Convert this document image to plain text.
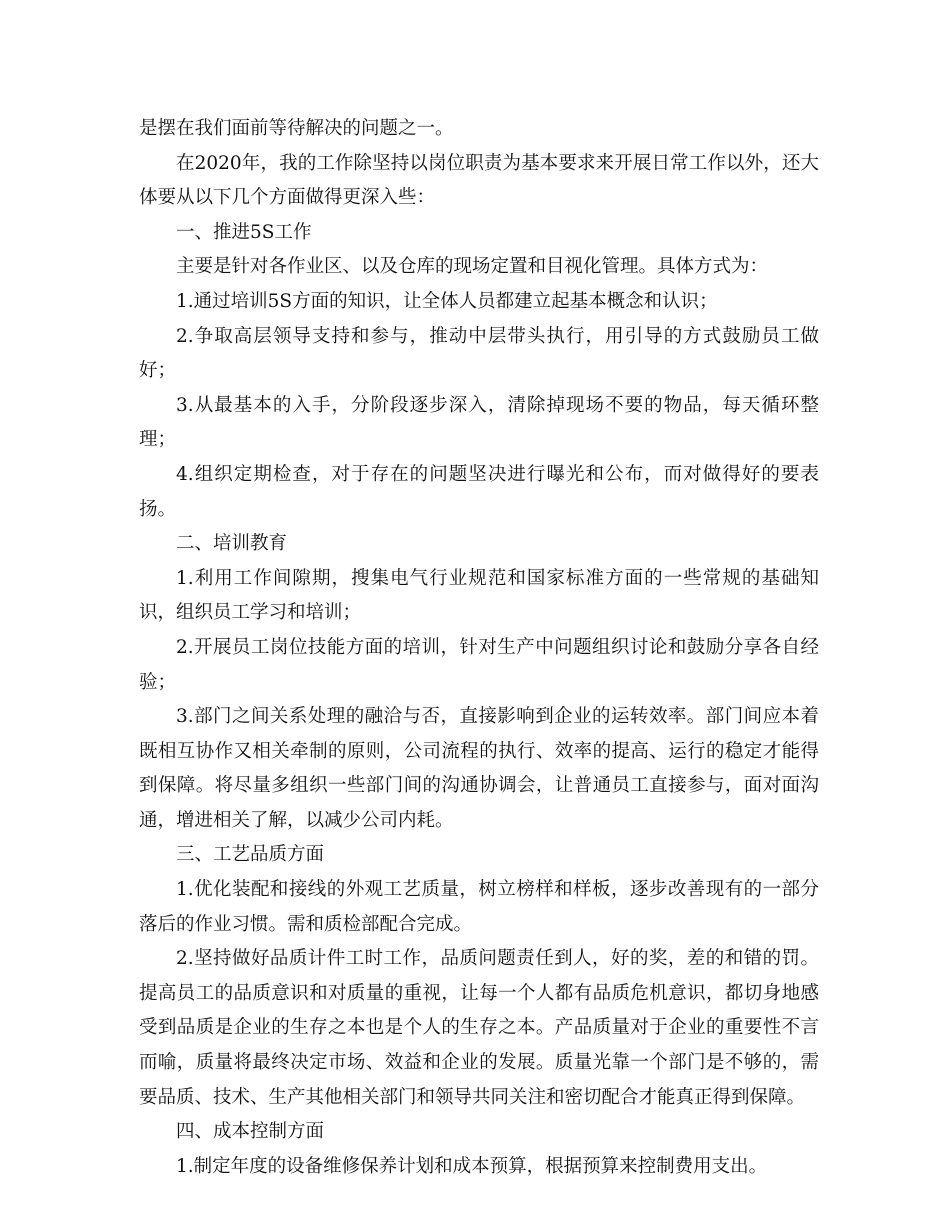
是摆在我们面前等待解决的问题之一。

在2020年，我的工作除坚持以岗位职责为基本要求来开展日常工作以外，还大体要从以下几个方面做得更深入些：

一、推进5S工作

主要是针对各作业区、以及仓库的现场定置和目视化管理。具体方式为：

1.通过培训5S方面的知识，让全体人员都建立起基本概念和认识；

2.争取高层领导支持和参与，推动中层带头执行，用引导的方式鼓励员工做好；

3.从最基本的入手，分阶段逐步深入，清除掉现场不要的物品，每天循环整理；

4.组织定期检查，对于存在的问题坚决进行曝光和公布，而对做得好的要表扬。

二、培训教育

1.利用工作间隙期，搜集电气行业规范和国家标准方面的一些常规的基础知识，组织员工学习和培训；

2.开展员工岗位技能方面的培训，针对生产中问题组织讨论和鼓励分享各自经验；

3.部门之间关系处理的融洽与否，直接影响到企业的运转效率。部门间应本着既相互协作又相关牵制的原则，公司流程的执行、效率的提高、运行的稳定才能得到保障。将尽量多组织一些部门间的沟通协调会，让普通员工直接参与，面对面沟通，增进相关了解，以减少公司内耗。

三、工艺品质方面

1.优化装配和接线的外观工艺质量，树立榜样和样板，逐步改善现有的一部分落后的作业习惯。需和质检部配合完成。

2.坚持做好品质计件工时工作，品质问题责任到人，好的奖，差的和错的罚。提高员工的品质意识和对质量的重视，让每一个人都有品质危机意识，都切身地感受到品质是企业的生存之本也是个人的生存之本。产品质量对于企业的重要性不言而喻，质量将最终决定市场、效益和企业的发展。质量光靠一个部门是不够的，需要品质、技术、生产其他相关部门和领导共同关注和密切配合才能真正得到保障。

四、成本控制方面

1.制定年度的设备维修保养计划和成本预算，根据预算来控制费用支出。
